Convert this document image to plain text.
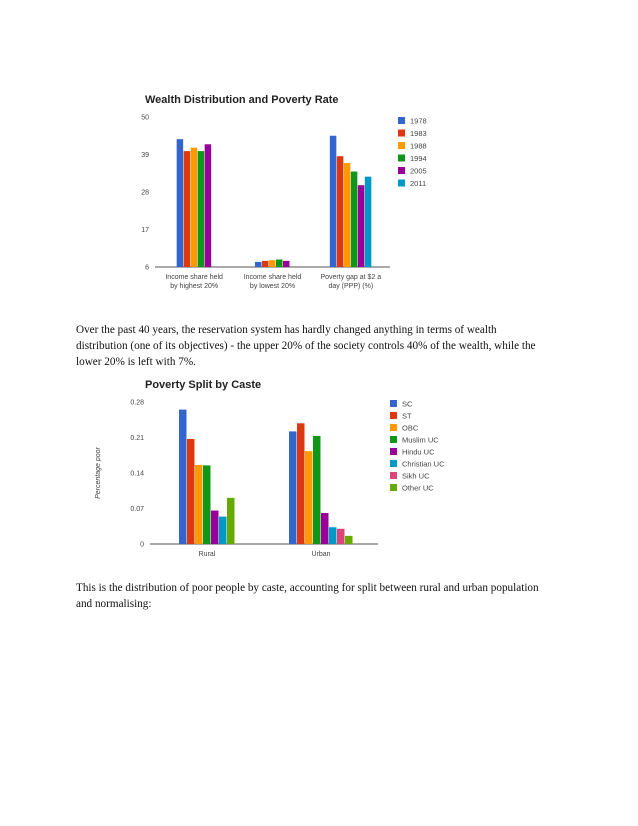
Wealth Distribution and Poverty Rate
6
17
28
39
50
Income share held
by highest 20%
Income share held
by lowest 20%
Poverty gap at $2 a
day (PPP) (%)
1978
1983
1988
1994
2005
2011

Over the past 40 years, the reservation system has hardly changed anything in terms of wealth distribution (one of its objectives) - the upper 20% of the society controls 40% of the wealth, while the lower 20% is left with 7%.

Poverty Split by Caste
0
0.07
0.14
0.21
0.28
Percentage poor
Rural	Urban
SC
ST
OBC
Muslim UC
Hindu UC
Christian UC
Sikh UC
Other UC

This is the distribution of poor people by caste, accounting for split between rural and urban population and normalising:
